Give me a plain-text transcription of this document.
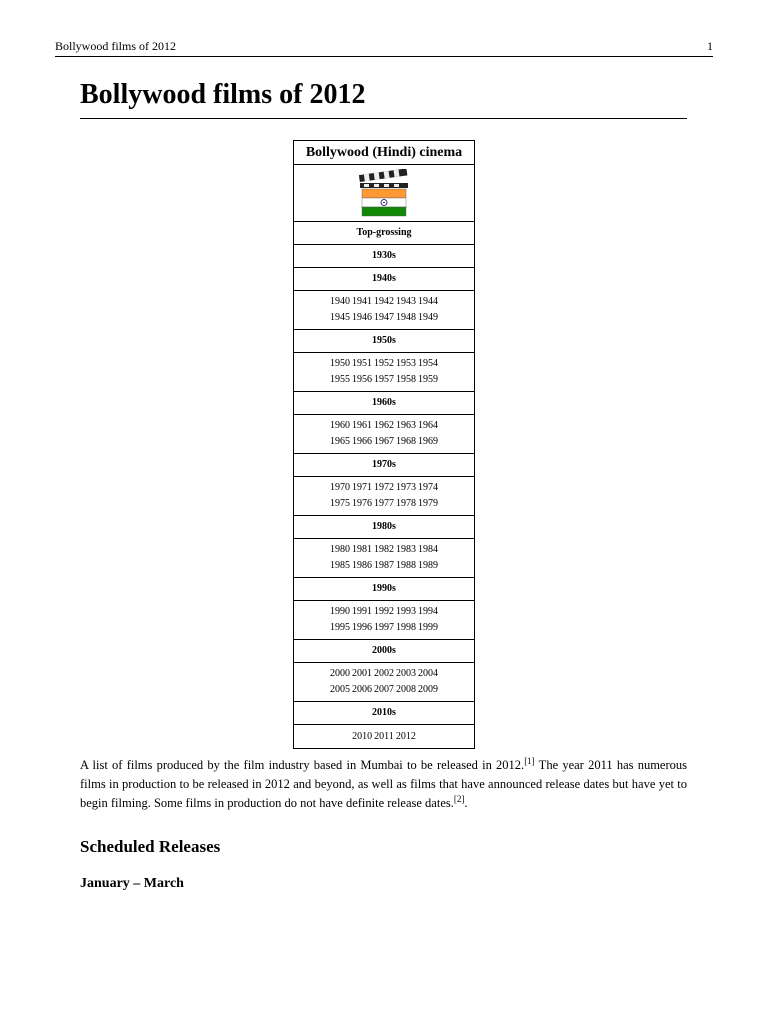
Bollywood films of 2012	1
Bollywood films of 2012
Bollywood (Hindi) cinema
Top-grossing
1930s
1940s
1940 1941 1942 1943 1944
1945 1946 1947 1948 1949
1950s
1950 1951 1952 1953 1954
1955 1956 1957 1958 1959
1960s
1960 1961 1962 1963 1964
1965 1966 1967 1968 1969
1970s
1970 1971 1972 1973 1974
1975 1976 1977 1978 1979
1980s
1980 1981 1982 1983 1984
1985 1986 1987 1988 1989
1990s
1990 1991 1992 1993 1994
1995 1996 1997 1998 1999
2000s
2000 2001 2002 2003 2004
2005 2006 2007 2008 2009
2010s
2010 2011 2012

A list of films produced by the film industry based in Mumbai to be released in 2012.[1] The year 2011 has numerous films in production to be released in 2012 and beyond, as well as films that have announced release dates but have yet to begin filming. Some films in production do not have definite release dates.[2].

Scheduled Releases
January – March
